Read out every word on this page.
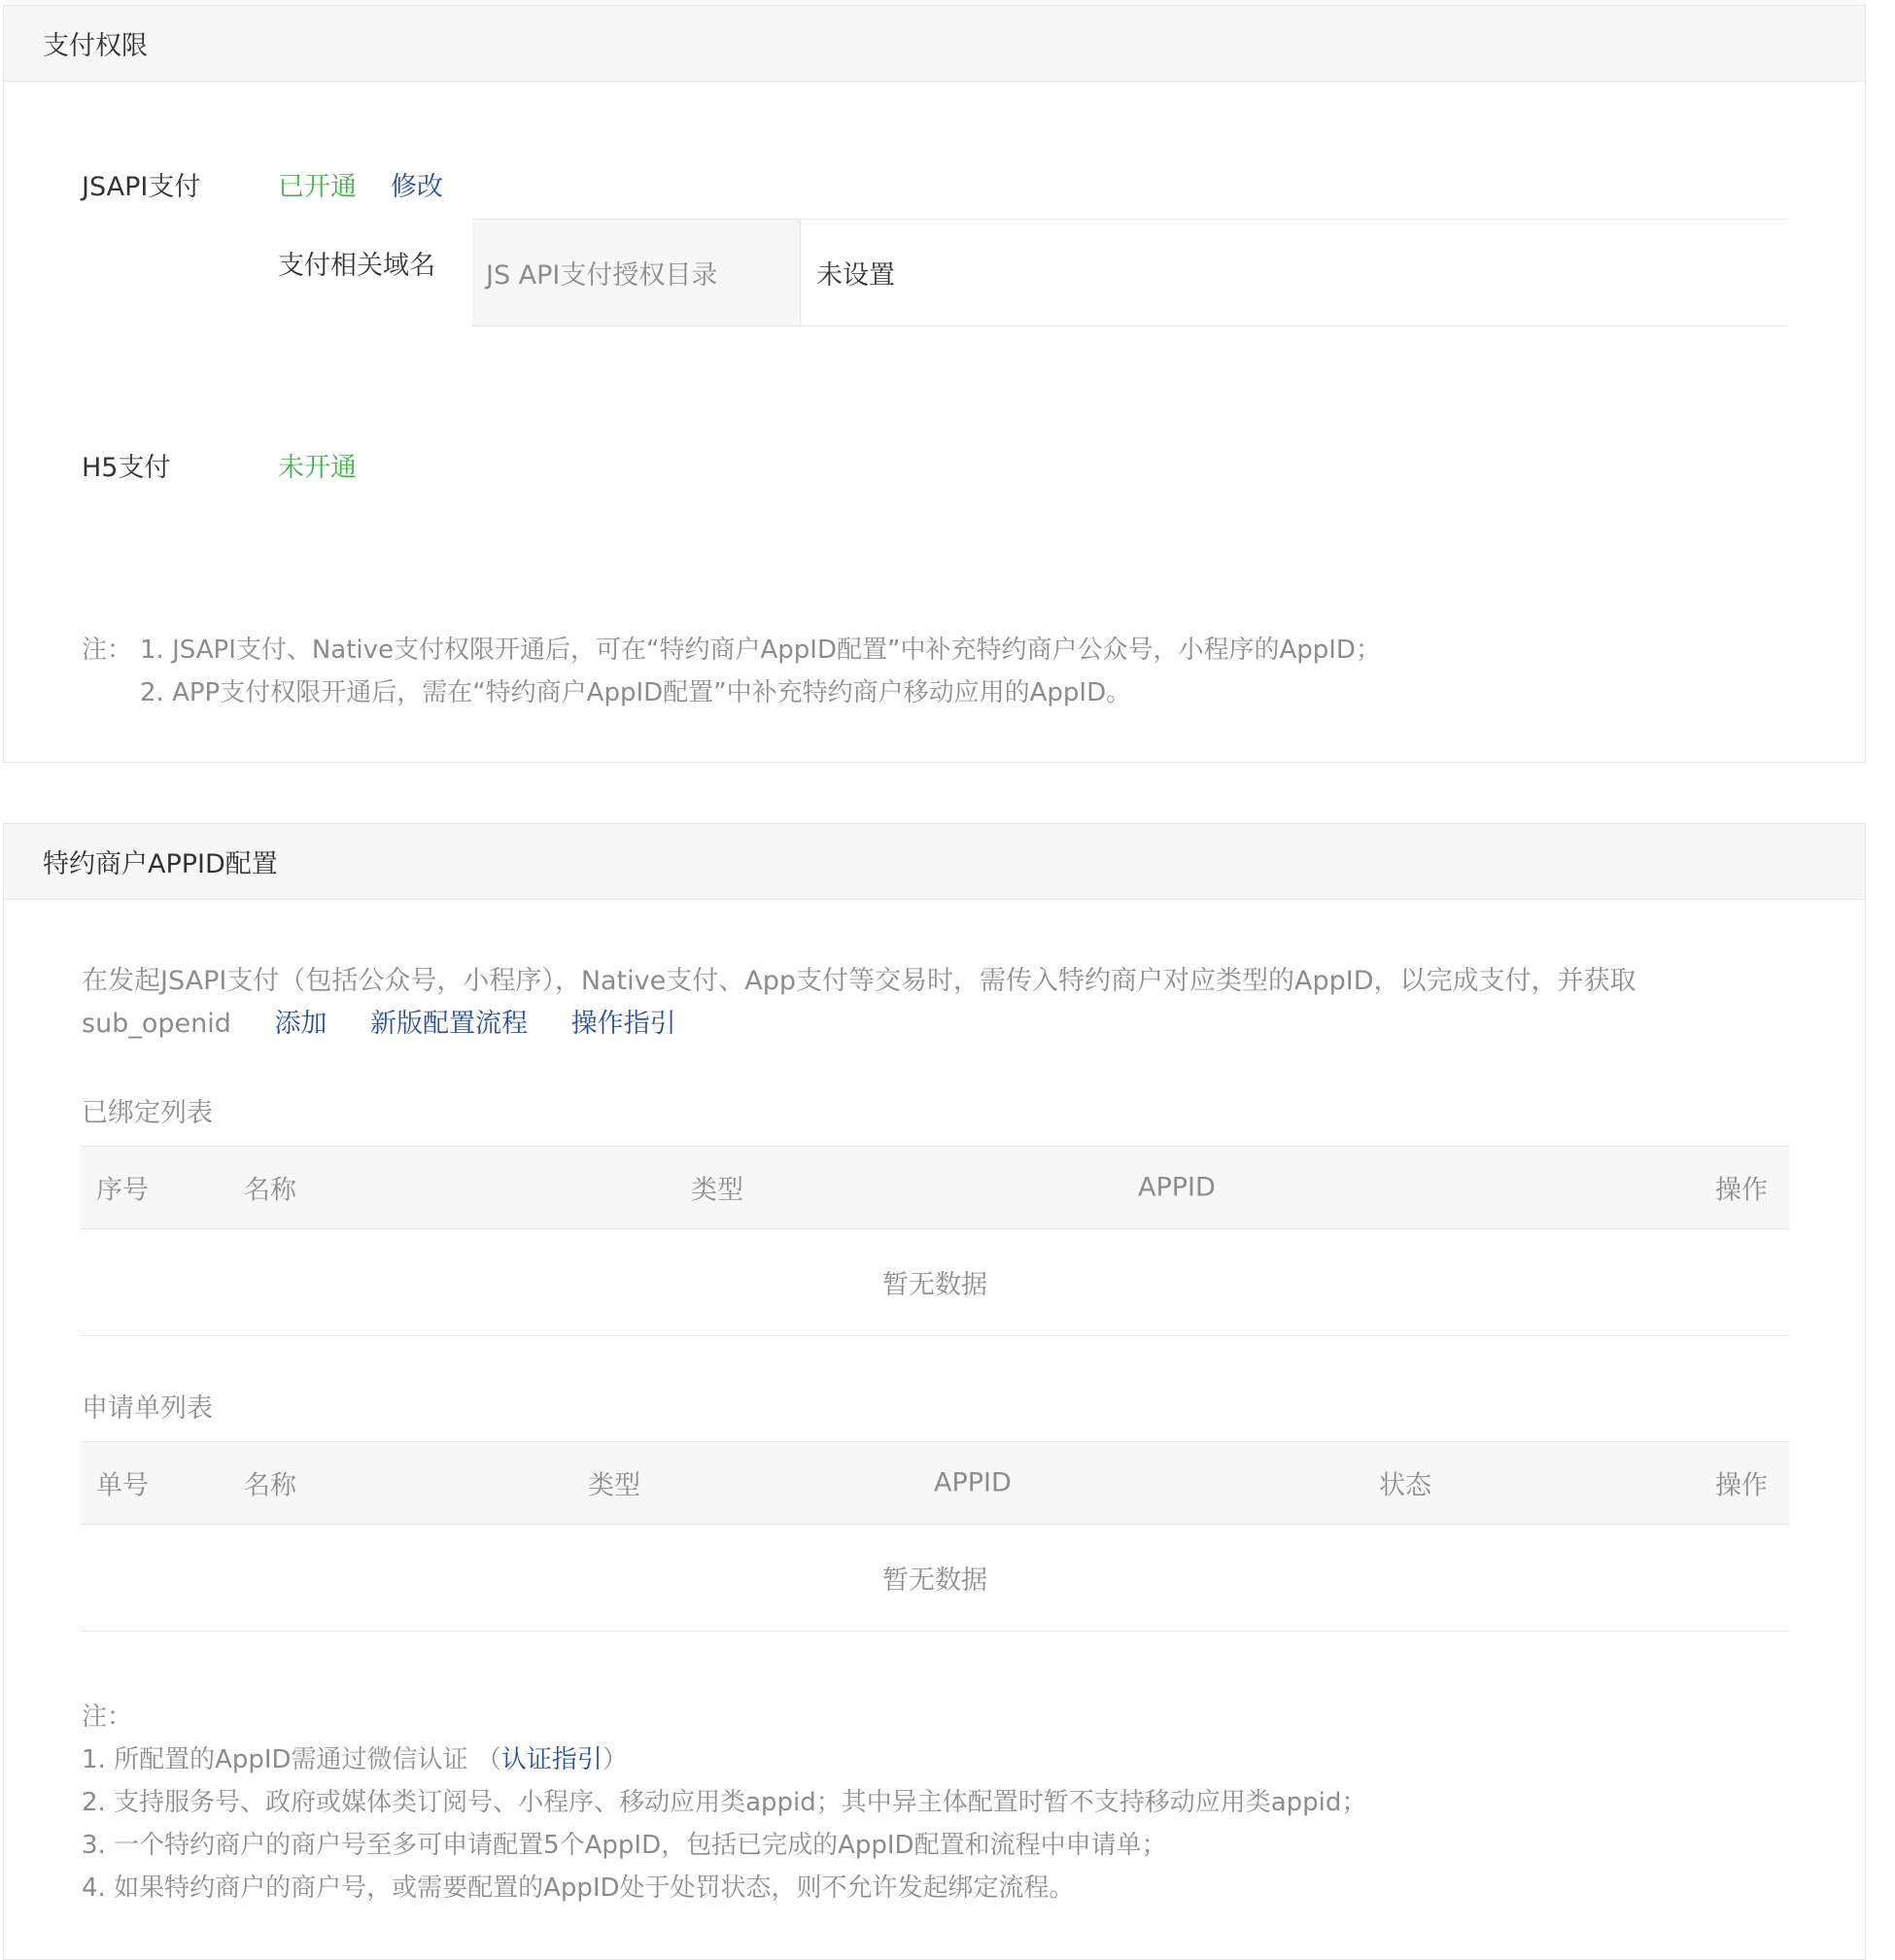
支付权限
JSAPI支付	已开通 修改
支付相关域名	JS API支付授权目录	未设置
H5支付	未开通
注： 1. JSAPI支付、Native支付权限开通后，可在“特约商户AppID配置”中补充特约商户公众号，小程序的AppID；
2. APP支付权限开通后，需在“特约商户AppID配置”中补充特约商户移动应用的AppID。
特约商户APPID配置
在发起JSAPI支付（包括公众号，小程序），Native支付、App支付等交易时，需传入特约商户对应类型的AppID，以完成支付，并获取
sub_openid 添加 新版配置流程 操作指引
已绑定列表
序号	名称	类型	APPID	操作
暂无数据
申请单列表
单号	名称	类型	APPID	状态	操作
暂无数据
注：
1. 所配置的AppID需通过微信认证 （认证指引）
2. 支持服务号、政府或媒体类订阅号、小程序、移动应用类appid；其中异主体配置时暂不支持移动应用类appid；
3. 一个特约商户的商户号至多可申请配置5个AppID，包括已完成的AppID配置和流程中申请单；
4. 如果特约商户的商户号，或需要配置的AppID处于处罚状态，则不允许发起绑定流程。
